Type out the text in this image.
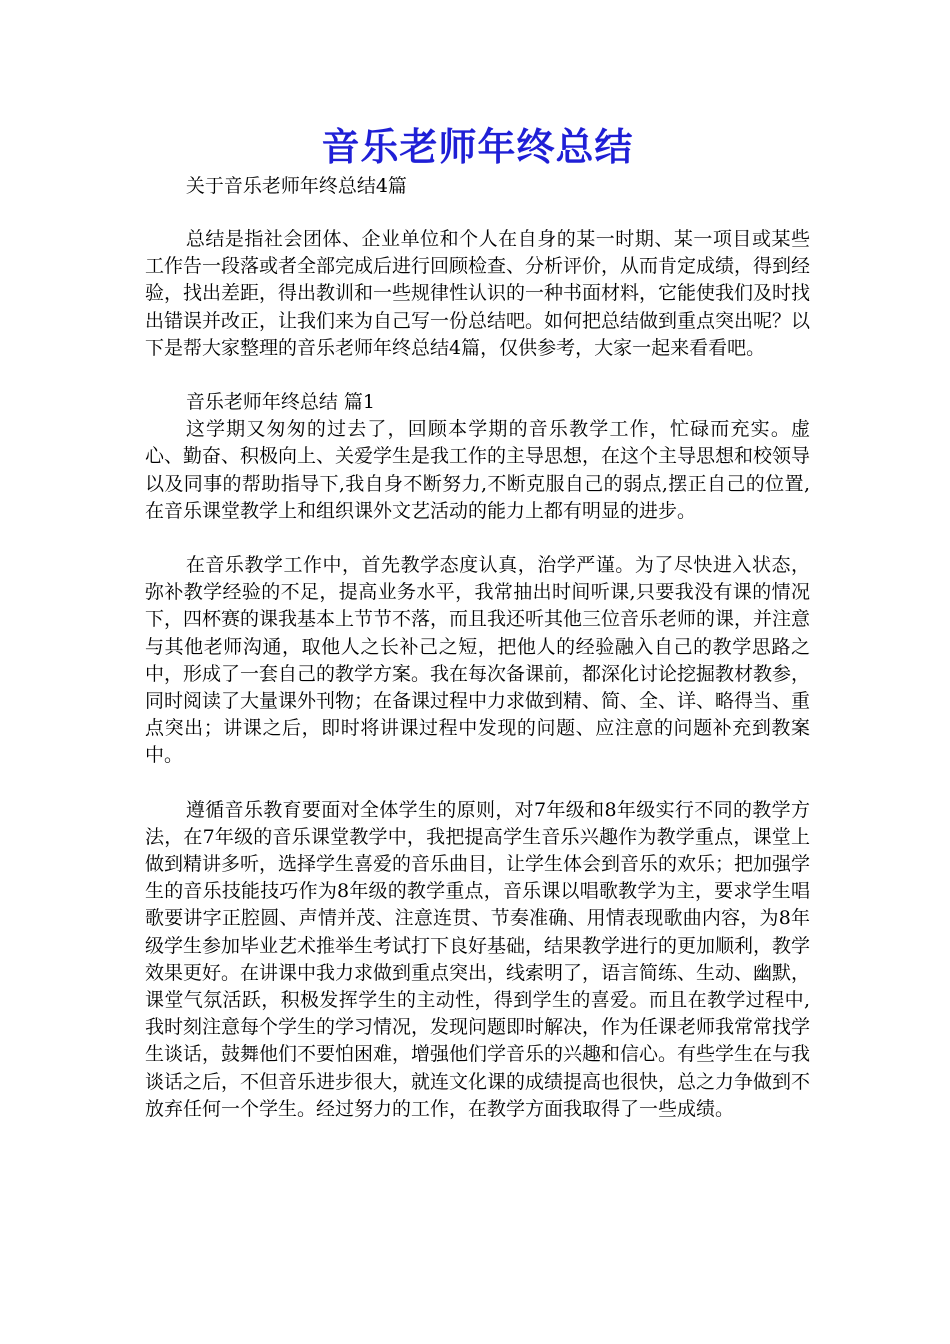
音乐老师年终总结

关于音乐老师年终总结4篇

总结是指社会团体、企业单位和个人在自身的某一时期、某一项目或某些工作告一段落或者全部完成后进行回顾检查、分析评价，从而肯定成绩，得到经验，找出差距，得出教训和一些规律性认识的一种书面材料，它能使我们及时找出错误并改正，让我们来为自己写一份总结吧。如何把总结做到重点突出呢？以下是帮大家整理的音乐老师年终总结4篇，仅供参考，大家一起来看看吧。

音乐老师年终总结 篇1

这学期又匆匆的过去了，回顾本学期的音乐教学工作，忙碌而充实。虚心、勤奋、积极向上、关爱学生是我工作的主导思想，在这个主导思想和校领导以及同事的帮助指导下,我自身不断努力,不断克服自己的弱点,摆正自己的位置,在音乐课堂教学上和组织课外文艺活动的能力上都有明显的进步。

在音乐教学工作中，首先教学态度认真，治学严谨。为了尽快进入状态，弥补教学经验的不足，提高业务水平，我常抽出时间听课,只要我没有课的情况下，四杯赛的课我基本上节节不落，而且我还听其他三位音乐老师的课，并注意与其他老师沟通，取他人之长补己之短，把他人的经验融入自己的教学思路之中，形成了一套自己的教学方案。我在每次备课前，都深化讨论挖掘教材教参，同时阅读了大量课外刊物；在备课过程中力求做到精、简、全、详、略得当、重点突出；讲课之后，即时将讲课过程中发现的问题、应注意的问题补充到教案中。

遵循音乐教育要面对全体学生的原则，对7年级和8年级实行不同的教学方法，在7年级的音乐课堂教学中，我把提高学生音乐兴趣作为教学重点，课堂上做到精讲多听，选择学生喜爱的音乐曲目，让学生体会到音乐的欢乐；把加强学生的音乐技能技巧作为8年级的教学重点，音乐课以唱歌教学为主，要求学生唱歌要讲字正腔圆、声情并茂、注意连贯、节奏准确、用情表现歌曲内容，为8年级学生参加毕业艺术推举生考试打下良好基础，结果教学进行的更加顺利，教学效果更好。在讲课中我力求做到重点突出，线索明了，语言简练、生动、幽默，课堂气氛活跃，积极发挥学生的主动性，得到学生的喜爱。而且在教学过程中,我时刻注意每个学生的学习情况，发现问题即时解决，作为任课老师我常常找学生谈话，鼓舞他们不要怕困难，增强他们学音乐的兴趣和信心。有些学生在与我谈话之后，不但音乐进步很大，就连文化课的成绩提高也很快，总之力争做到不放弃任何一个学生。经过努力的工作，在教学方面我取得了一些成绩。
